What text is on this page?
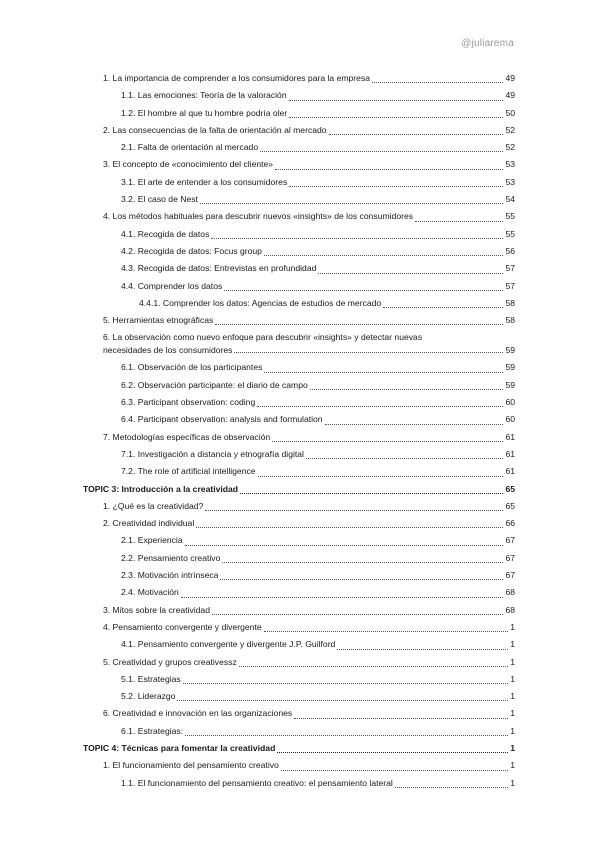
@juliarema
1. La importancia de comprender a los consumidores para la empresa	49
1.1. Las emociones: Teoría de la valoración	49
1.2. El hombre al que tu hombre podría oler	50
2. Las consecuencias de la falta de orientación al mercado	52
2.1. Falta de orientación al mercado	52
3. El concepto de «conocimiento del cliente»	53
3.1. El arte de entender a los consumidores	53
3.2. El caso de Nest	54
4. Los métodos habituales para descubrir nuevos «insights» de los consumidores	55
4.1. Recogida de datos	55
4.2. Recogida de datos: Focus group	56
4.3. Recogida de datos: Entrevistas en profundidad	57
4.4. Comprender los datos	57
4.4.1. Comprender los datos: Agencias de estudios de mercado	58
5. Herramientas etnográficas	58
6. La observación como nuevo enfoque para descubrir «insights» y detectar nuevas
necesidades de los consumidores	59
6.1. Observación de los participantes	59
6.2. Observación participante: el diario de campo	59
6.3. Participant observation: coding	60
6.4. Participant observation: analysis and formulation	60
7. Metodologías específicas de observación	61
7.1. Investigación a distancia y etnografía digital	61
7.2. The role of artificial intelligence	61
TOPIC 3: Introducción a la creatividad	65
1. ¿Qué es la creatividad?	65
2. Creatividad individual	66
2.1. Experiencia	67
2.2. Pensamiento creativo	67
2.3. Motivación intrínseca	67
2.4. Motivación	68
3. Mitos sobre la creatividad	68
4. Pensamiento convergente y divergente	1
4.1. Pensamiento convergente y divergente J.P. Guilford	1
5. Creatividad y grupos creativessz	1
5.1. Estrategias	1
5.2. Liderazgo	1
6. Creatividad e innovación en las organizaciones	1
6.1. Estrategias:	1
TOPIC 4: Técnicas para fomentar la creatividad	1
1. El funcionamiento del pensamiento creativo	1
1.1. El funcionamiento del pensamiento creativo: el pensamiento lateral	1
